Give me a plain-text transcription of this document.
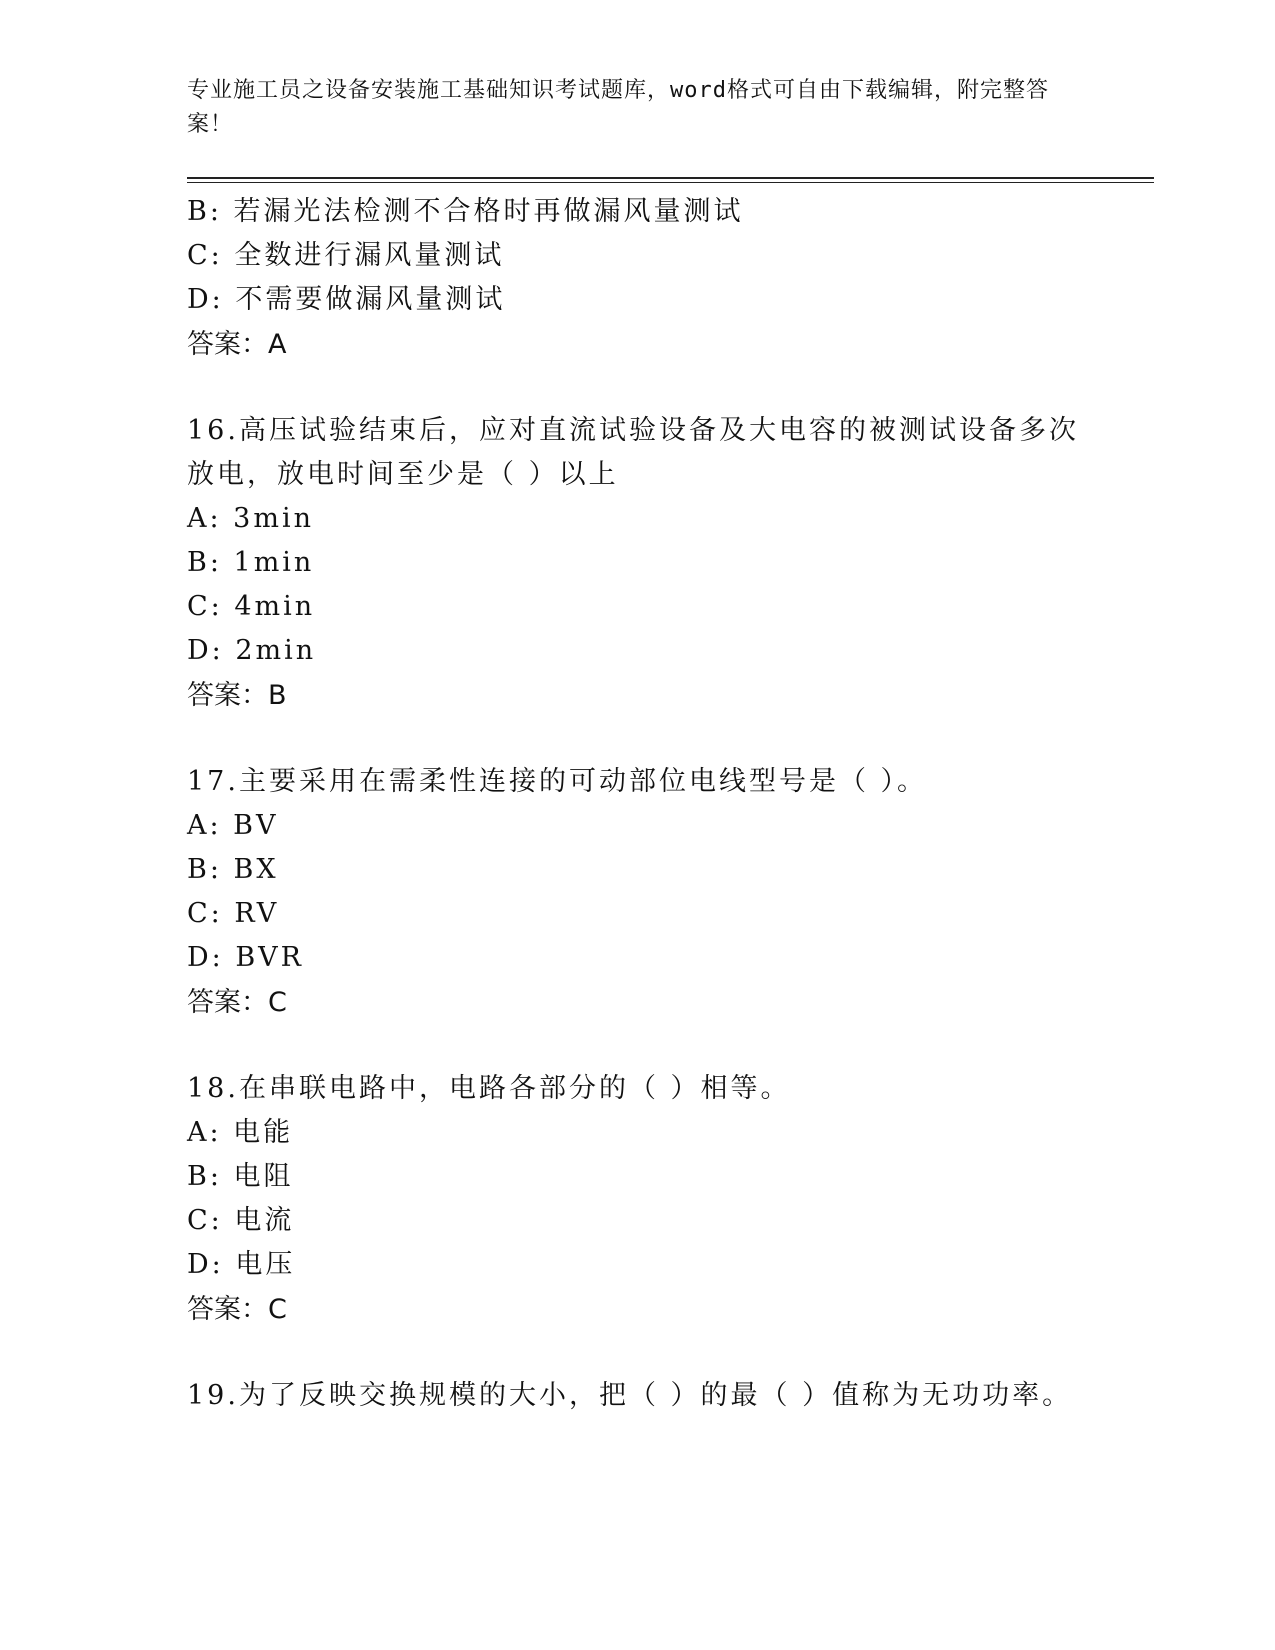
专业施工员之设备安装施工基础知识考试题库，word格式可自由下载编辑，附完整答案！
B: 若漏光法检测不合格时再做漏风量测试
C: 全数进行漏风量测试
D: 不需要做漏风量测试
答案：A
16.高压试验结束后，应对直流试验设备及大电容的被测试设备多次放电，放电时间至少是（ ）以上
A: 3min
B: 1min
C: 4min
D: 2min
答案：B
17.主要采用在需柔性连接的可动部位电线型号是（ ）。
A: BV
B: BX
C: RV
D: BVR
答案：C
18.在串联电路中，电路各部分的（ ）相等。
A: 电能
B: 电阻
C: 电流
D: 电压
答案：C
19.为了反映交换规模的大小，把（ ）的最（ ）值称为无功功率。
